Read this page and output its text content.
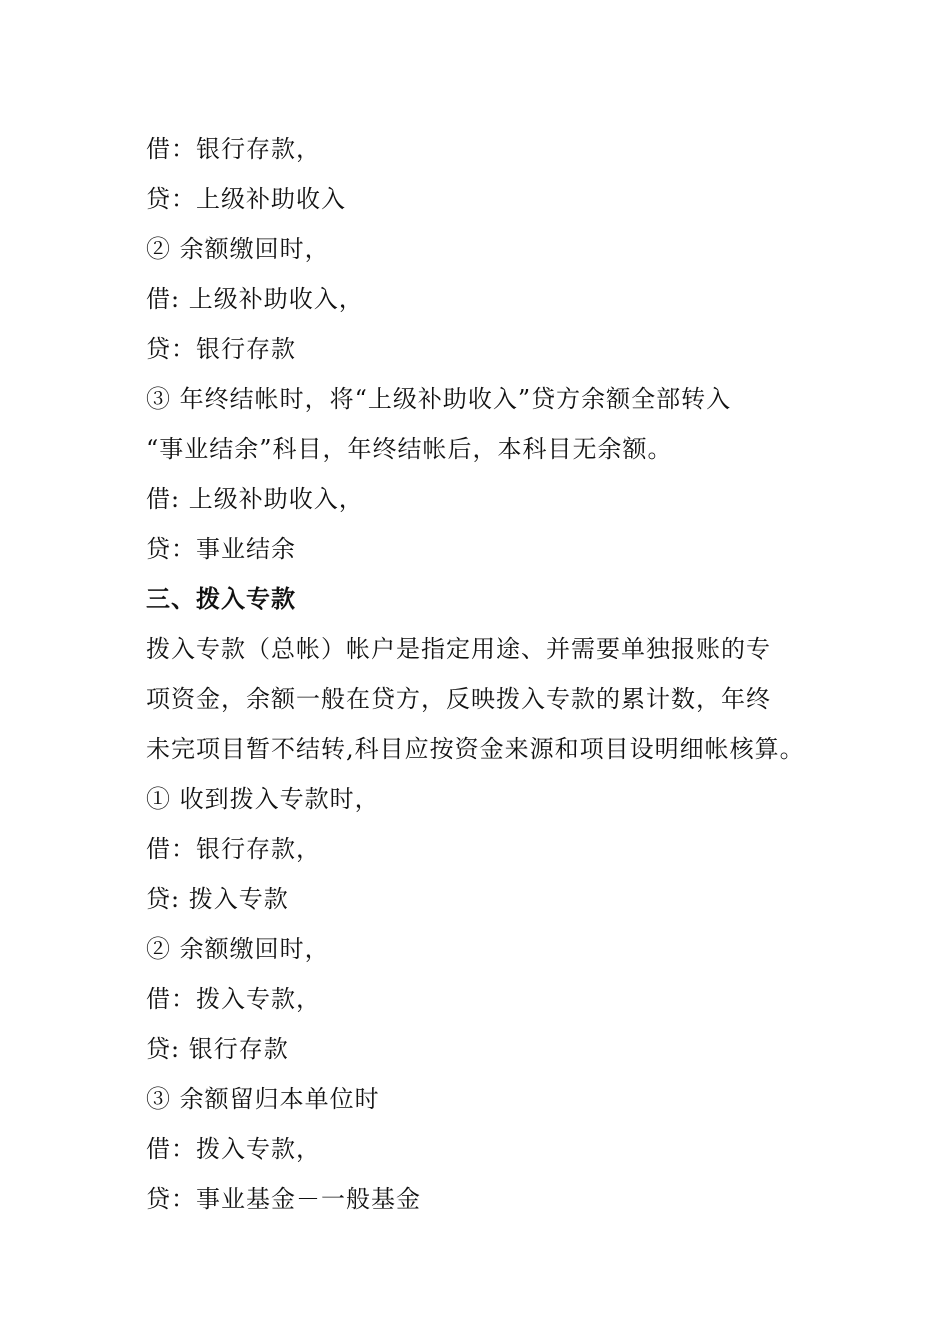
借：银行存款，
贷：上级补助收入
② 余额缴回时，
借: 上级补助收入，
贷：银行存款
③ 年终结帐时，将“上级补助收入”贷方余额全部转入
“事业结余”科目，年终结帐后，本科目无余额。
借: 上级补助收入，
贷：事业结余
三、拨入专款
拨入专款（总帐）帐户是指定用途、并需要单独报账的专
项资金，余额一般在贷方，反映拨入专款的累计数，年终
未完项目暂不结转,科目应按资金来源和项目设明细帐核算。
① 收到拨入专款时，
借：银行存款，
贷: 拨入专款
② 余额缴回时，
借：拨入专款，
贷: 银行存款
③ 余额留归本单位时
借：拨入专款，
贷：事业基金－一般基金
